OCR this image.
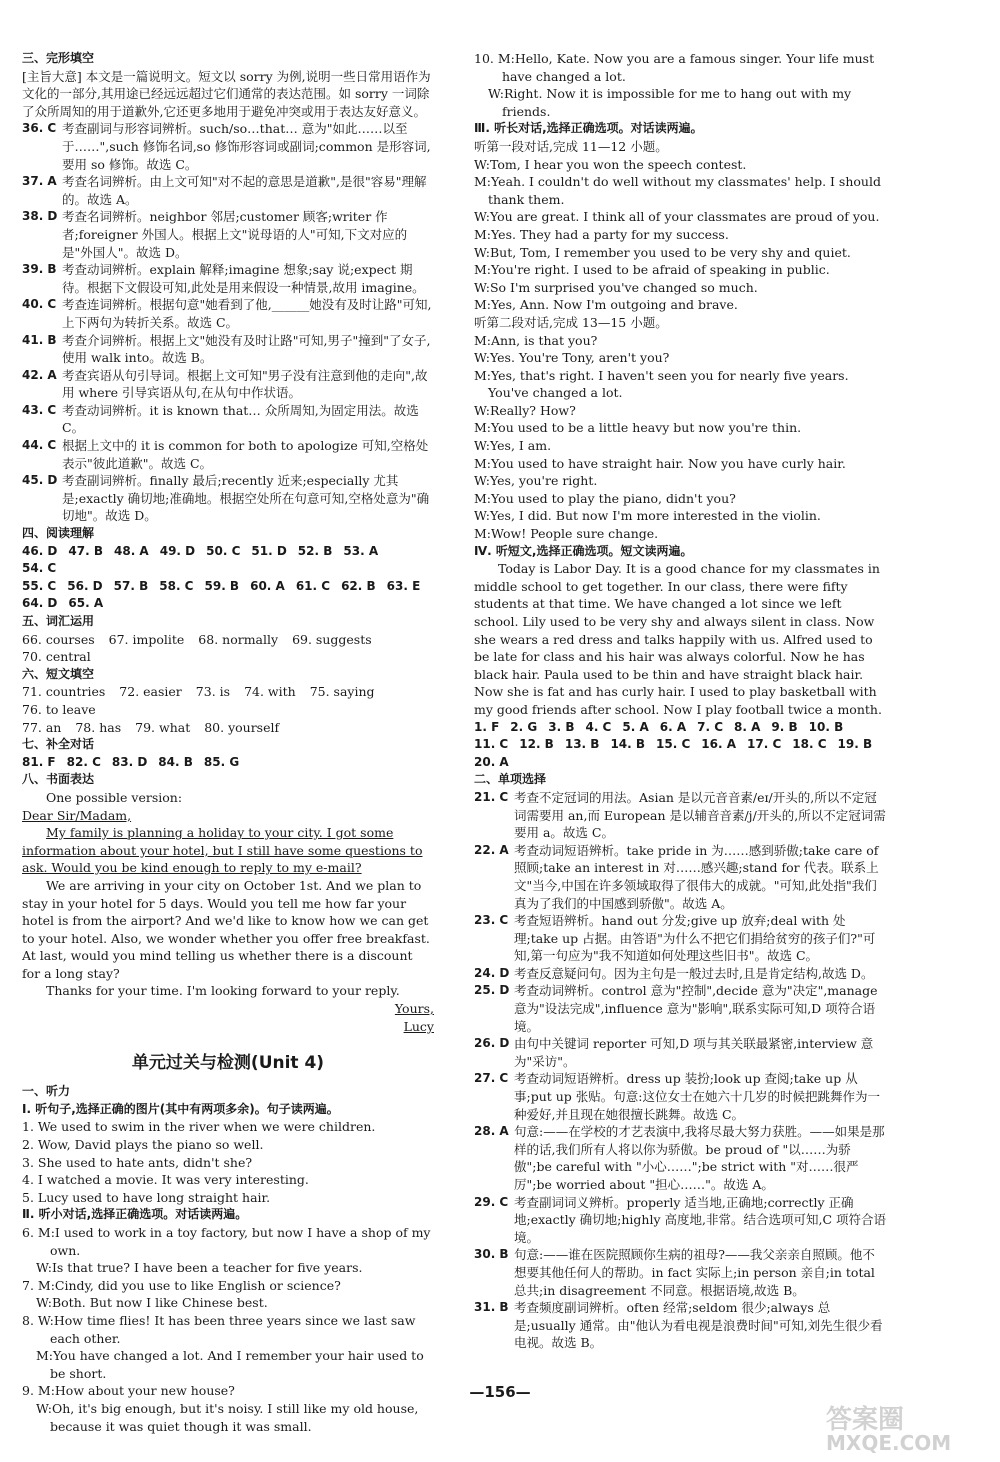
三、完形填空

[主旨大意] 本文是一篇说明文。短文以 sorry 为例,说明一些日常用语作为文化的一部分,其用途已经远远超过它们通常的表达范围。如 sorry 一词除了众所周知的用于道歉外,它还更多地用于避免冲突或用于表达友好意义。

36. C 考查副词与形容词辨析。such/so…that… 意为"如此……以至于……",such 修饰名词,so 修饰形容词或副词;common 是形容词,要用 so 修饰。故选 C。
37. A 考查名词辨析。由上文可知"对不起的意思是道歉",是很"容易"理解的。故选 A。
38. D 考查名词辨析。neighbor 邻居;customer 顾客;writer 作者;foreigner 外国人。根据上文"说母语的人"可知,下文对应的是"外国人"。故选 D。
39. B 考查动词辨析。explain 解释;imagine 想象;say 说;expect 期待。根据下文假设可知,此处是用来假设一种情景,故用 imagine。
40. C 考查连词辨析。根据句意"她看到了他,______她没有及时让路"可知,上下两句为转折关系。故选 C。
41. B 考查介词辨析。根据上文"她没有及时让路"可知,男子"撞到"了女子,使用 walk into。故选 B。
42. A 考查宾语从句引导词。根据上文可知"男子没有注意到他的走向",故用 where 引导宾语从句,在从句中作状语。
43. C 考查动词辨析。it is known that… 众所周知,为固定用法。故选 C。
44. C 根据上文中的 it is common for both to apologize 可知,空格处表示"彼此道歉"。故选 C。
45. D 考查副词辨析。finally 最后;recently 近来;especially 尤其是;exactly 确切地;准确地。根据空处所在句意可知,空格处意为"确切地"。故选 D。
四、阅读理解
46. D 47. B 48. A 49. D 50. C 51. D 52. B 53. A
54. C
55. C 56. D 57. B 58. C 59. B 60. A 61. C 62. B 63. E
64. D 65. A
五、词汇运用
66. courses 67. impolite 68. normally 69. suggests
70. central
六、短文填空
71. countries 72. easier 73. is 74. with 75. saying
76. to leave
77. an 78. has 79. what 80. yourself
七、补全对话
81. F 82. C 83. D 84. B 85. G
八、书面表达

One possible version:

Dear Sir/Madam,

My family is planning a holiday to your city. I got some information about your hotel, but I still have some questions to ask. Would you be kind enough to reply to my e-mail?

We are arriving in your city on October 1st. And we plan to stay in your hotel for 5 days. Would you tell me how far your hotel is from the airport? And we'd like to know how we can get to your hotel. Also, we wonder whether you offer free breakfast. At last, would you mind telling us whether there is a discount for a long stay?

Thanks for your time. I'm looking forward to your reply.

Yours,

Lucy

单元过关与检测(Unit 4)
一、听力
Ⅰ. 听句子,选择正确的图片(其中有两项多余)。句子读两遍。

1. We used to swim in the river when we were children.

2. Wow, David plays the piano so well.

3. She used to hate ants, didn't she?

4. I watched a movie. It was very interesting.

5. Lucy used to have long straight hair.

Ⅱ. 听小对话,选择正确选项。对话读两遍。

6. M:I used to work in a toy factory, but now I have a shop of my own.

W:Is that true? I have been a teacher for five years.

7. M:Cindy, did you use to like English or science?

W:Both. But now I like Chinese best.

8. W:How time flies! It has been three years since we last saw each other.

M:You have changed a lot. And I remember your hair used to be short.

9. M:How about your new house?

W:Oh, it's big enough, but it's noisy. I still like my old house, because it was quiet though it was small.

10. M:Hello, Kate. Now you are a famous singer. Your life must have changed a lot.

W:Right. Now it is impossible for me to hang out with my friends.

Ⅲ. 听长对话,选择正确选项。对话读两遍。

听第一段对话,完成 11—12 小题。

W:Tom, I hear you won the speech contest.

M:Yeah. I couldn't do well without my classmates' help. I should thank them.

W:You are great. I think all of your classmates are proud of you.

M:Yes. They had a party for my success.

W:But, Tom, I remember you used to be very shy and quiet.

M:You're right. I used to be afraid of speaking in public.

W:So I'm surprised you've changed so much.

M:Yes, Ann. Now I'm outgoing and brave.

听第二段对话,完成 13—15 小题。

M:Ann, is that you?

W:Yes. You're Tony, aren't you?

M:Yes, that's right. I haven't seen you for nearly five years. You've changed a lot.

W:Really? How?

M:You used to be a little heavy but now you're thin.

W:Yes, I am.

M:You used to have straight hair. Now you have curly hair.

W:Yes, you're right.

M:You used to play the piano, didn't you?

W:Yes, I did. But now I'm more interested in the violin.

M:Wow! People sure change.

Ⅳ. 听短文,选择正确选项。短文读两遍。

Today is Labor Day. It is a good chance for my classmates in middle school to get together. In our class, there were fifty students at that time. We have changed a lot since we left school. Lily used to be very shy and always silent in class. Now she wears a red dress and talks happily with us. Alfred used to be late for class and his hair was always colorful. Now he has black hair. Paula used to be thin and have straight black hair. Now she is fat and has curly hair. I used to play basketball with my good friends after school. Now I play football twice a month.

1. F 2. G 3. B 4. C 5. A 6. A 7. C 8. A 9. B 10. B
11. C 12. B 13. B 14. B 15. C 16. A 17. C 18. C 19. B
20. A
二、单项选择
21. C 考查不定冠词的用法。Asian 是以元音音素/eɪ/开头的,所以不定冠词需要用 an,而 European 是以辅音音素/j/开头的,所以不定冠词需要用 a。故选 C。
22. A 考查动词短语辨析。take pride in 为……感到骄傲;take care of 照顾;take an interest in 对……感兴趣;stand for 代表。联系上文"当今,中国在许多领域取得了很伟大的成就。"可知,此处指"我们真为了我们的中国感到骄傲"。故选 A。
23. C 考查短语辨析。hand out 分发;give up 放弃;deal with 处理;take up 占据。由答语"为什么不把它们捐给贫穷的孩子们?"可知,第一句应为"我不知道如何处理这些旧书"。故选 C。
24. D 考查反意疑问句。因为主句是一般过去时,且是肯定结构,故选 D。
25. D 考查动词辨析。control 意为"控制",decide 意为"决定",manage 意为"设法完成",influence 意为"影响",联系实际可知,D 项符合语境。
26. D 由句中关键词 reporter 可知,D 项与其关联最紧密,interview 意为"采访"。
27. C 考查动词短语辨析。dress up 装扮;look up 查阅;take up 从事;put up 张贴。句意:这位女士在她六十几岁的时候把跳舞作为一种爱好,并且现在她很擅长跳舞。故选 C。
28. A 句意:——在学校的才艺表演中,我将尽最大努力获胜。——如果是那样的话,我们所有人将以你为骄傲。be proud of "以……为骄傲";be careful with "小心……";be strict with "对……很严厉";be worried about "担心……"。故选 A。
29. C 考查副词词义辨析。properly 适当地,正确地;correctly 正确地;exactly 确切地;highly 高度地,非常。结合选项可知,C 项符合语境。
30. B 句意:——谁在医院照顾你生病的祖母?——我父亲亲自照顾。他不想要其他任何人的帮助。in fact 实际上;in person 亲自;in total 总共;in disagreement 不同意。根据语境,故选 B。
31. B 考查频度副词辨析。often 经常;seldom 很少;always 总是;usually 通常。由"他认为看电视是浪费时间"可知,刘先生很少看电视。故选 B。
—156—
答案圈
MXQE.COM
